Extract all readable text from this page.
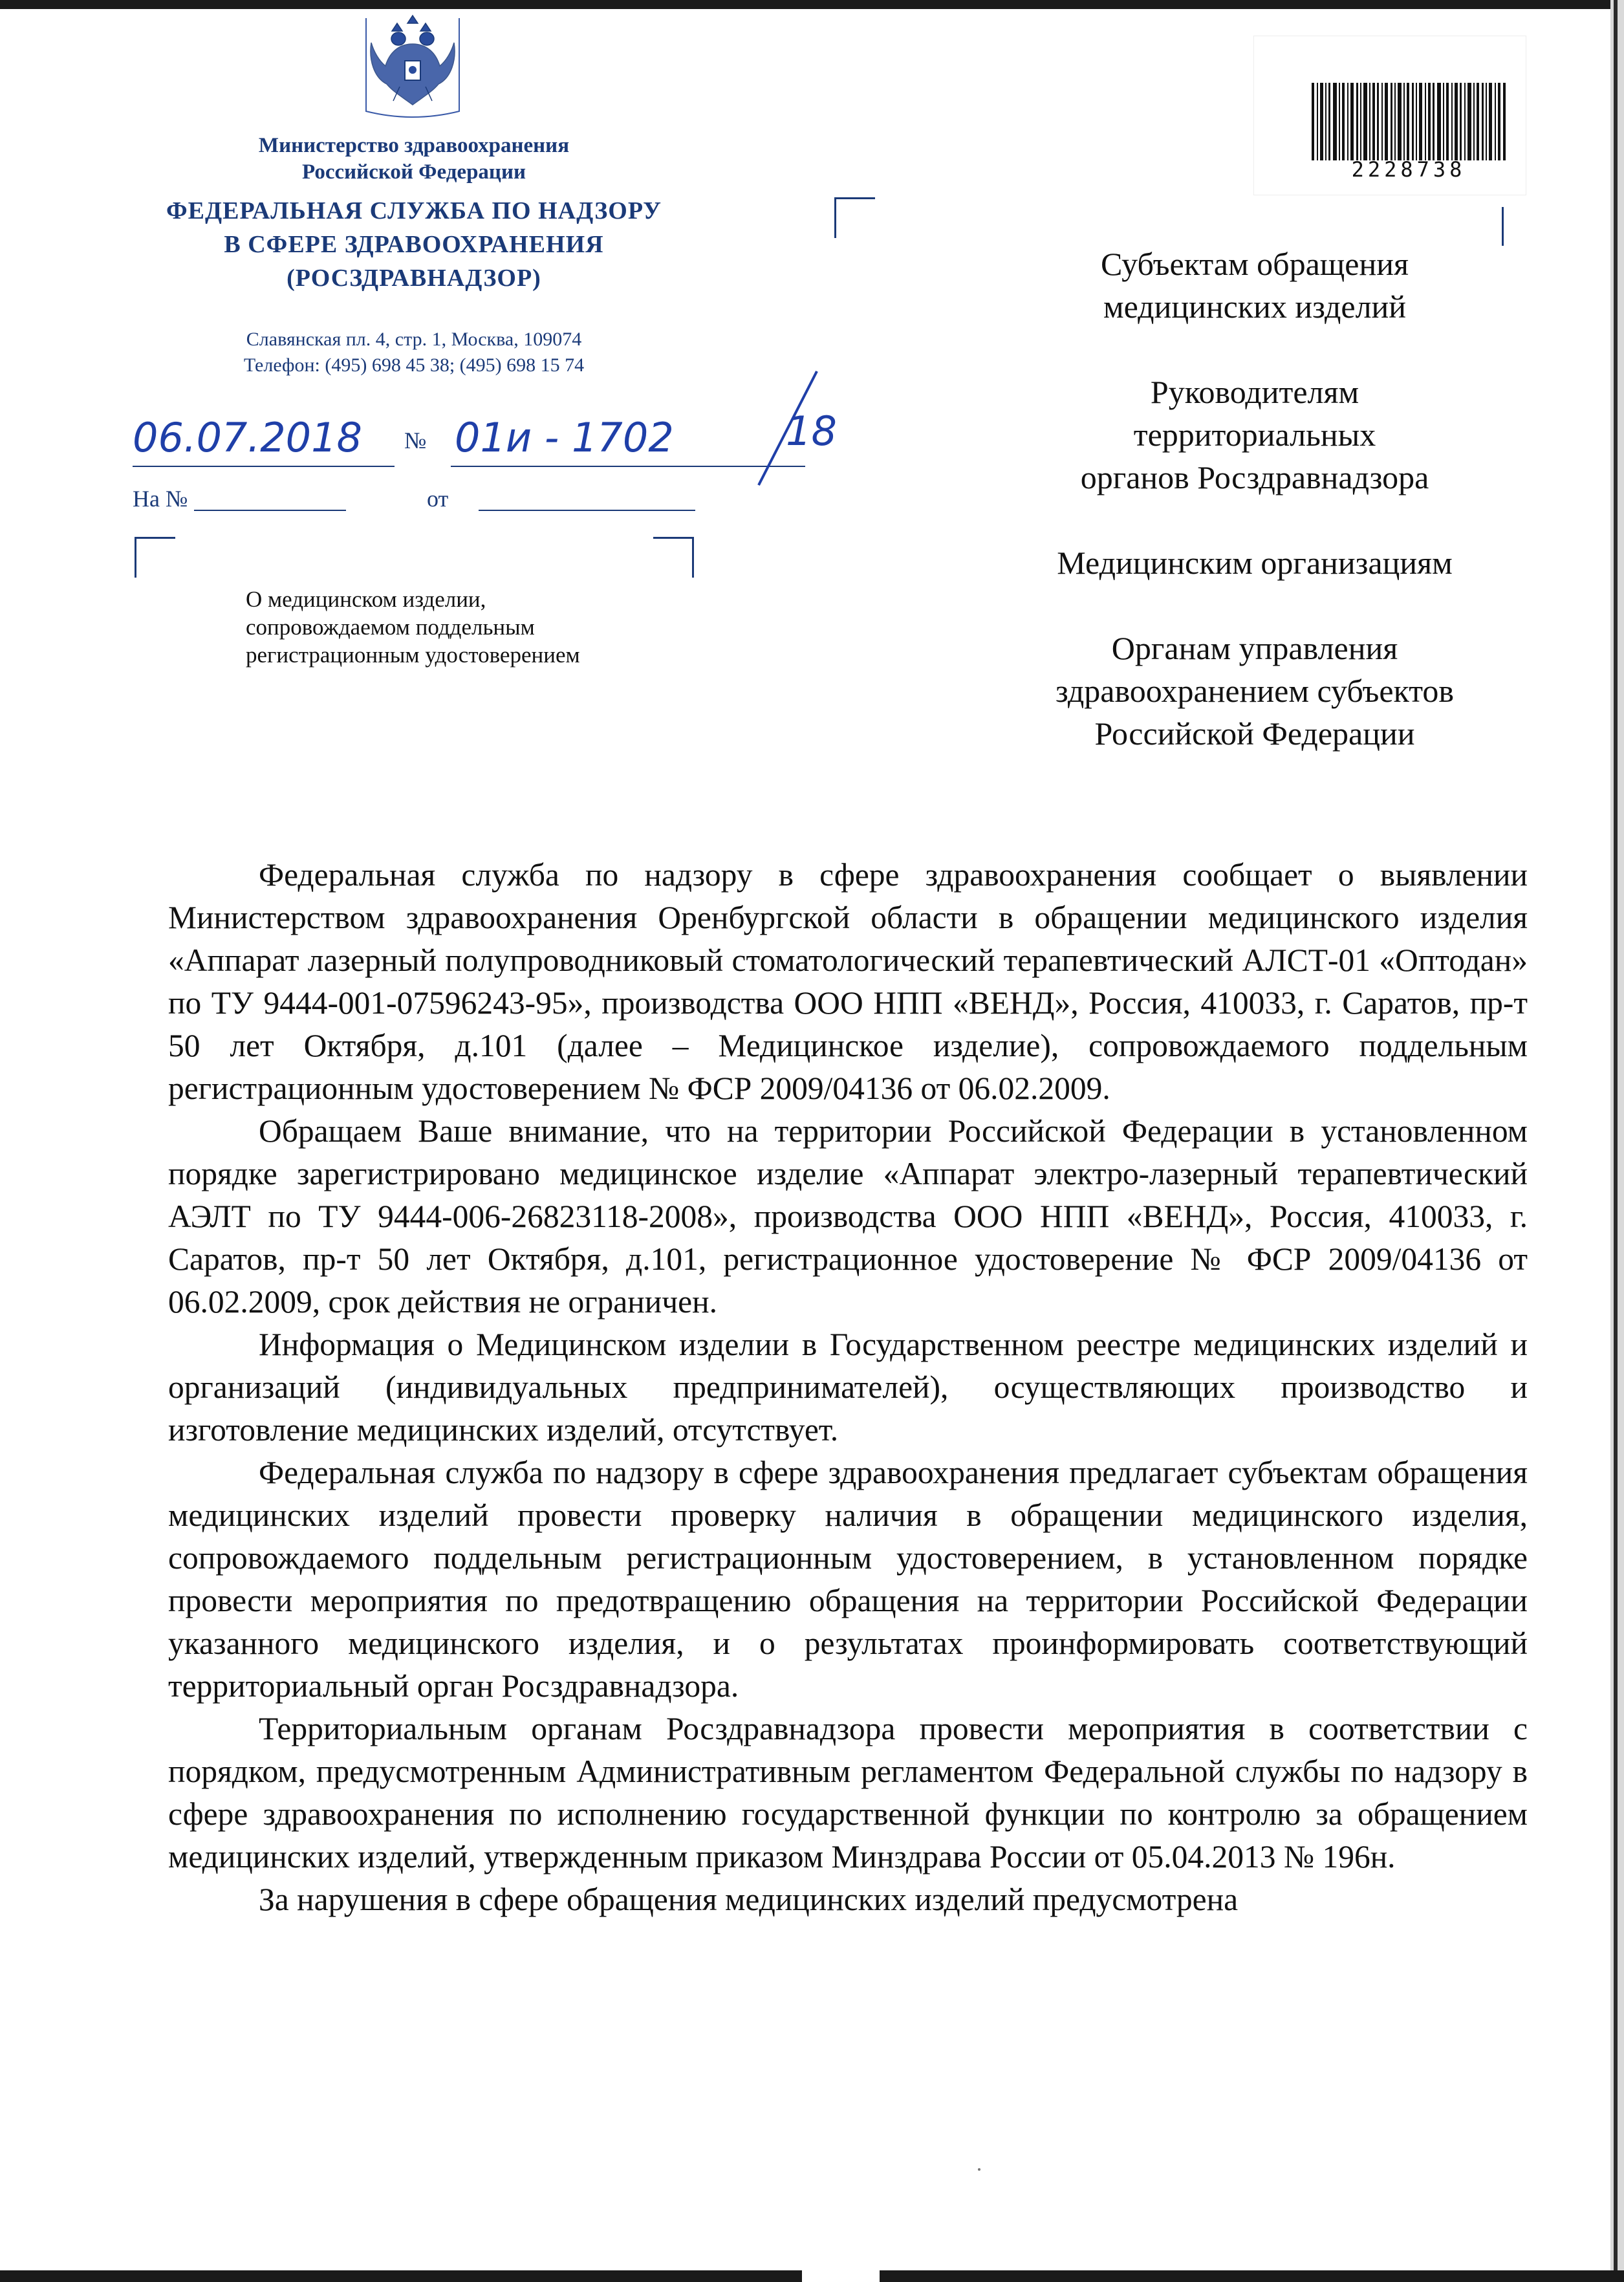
Министерство здравоохранения
Российской Федерации
ФЕДЕРАЛЬНАЯ СЛУЖБА ПО НАДЗОРУ
В СФЕРЕ ЗДРАВООХРАНЕНИЯ
(РОСЗДРАВНАДЗОР)
Славянская пл. 4, стр. 1, Москва, 109074
Телефон: (495) 698 45 38; (495) 698 15 74
06.07.2018 № 01и - 1702	18
На №	от
О медицинском изделии,
сопровождаемом поддельным
регистрационным удостоверением
2228738

Субъектам обращения
медицинских изделий

Руководителям
территориальных
органов Росздравнадзора

Медицинским организациям

Органам управления
здравоохранением субъектов
Российской Федерации

Федеральная служба по надзору в сфере здравоохранения сообщает о выявлении Министерством здравоохранения Оренбургской области в обращении медицинского изделия «Аппарат лазерный полупроводниковый стоматологический терапевтический АЛСТ-01 «Оптодан» по ТУ 9444-001-07596243-95», производства ООО НПП «ВЕНД», Россия, 410033, г. Саратов, пр-т 50 лет Октября, д.101 (далее – Медицинское изделие), сопровождаемого поддельным регистрационным удостоверением № ФСР 2009/04136 от 06.02.2009.

Обращаем Ваше внимание, что на территории Российской Федерации в установленном порядке зарегистрировано медицинское изделие «Аппарат электро-лазерный терапевтический АЭЛТ по ТУ 9444-006-26823118-2008», производства ООО НПП «ВЕНД», Россия, 410033, г. Саратов, пр-т 50 лет Октября, д.101, регистрационное удостоверение № ФСР 2009/04136 от 06.02.2009, срок действия не ограничен.

Информация о Медицинском изделии в Государственном реестре медицинских изделий и организаций (индивидуальных предпринимателей), осуществляющих производство и изготовление медицинских изделий, отсутствует.

Федеральная служба по надзору в сфере здравоохранения предлагает субъектам обращения медицинских изделий провести проверку наличия в обращении медицинского изделия, сопровождаемого поддельным регистрационным удостоверением, в установленном порядке провести мероприятия по предотвращению обращения на территории Российской Федерации указанного медицинского изделия, и о результатах проинформировать соответствующий территориальный орган Росздравнадзора.

Территориальным органам Росздравнадзора провести мероприятия в соответствии с порядком, предусмотренным Административным регламентом Федеральной службы по надзору в сфере здравоохранения по исполнению государственной функции по контролю за обращением медицинских изделий, утвержденным приказом Минздрава России от 05.04.2013 № 196н.

За нарушения в сфере обращения медицинских изделий предусмотрена
